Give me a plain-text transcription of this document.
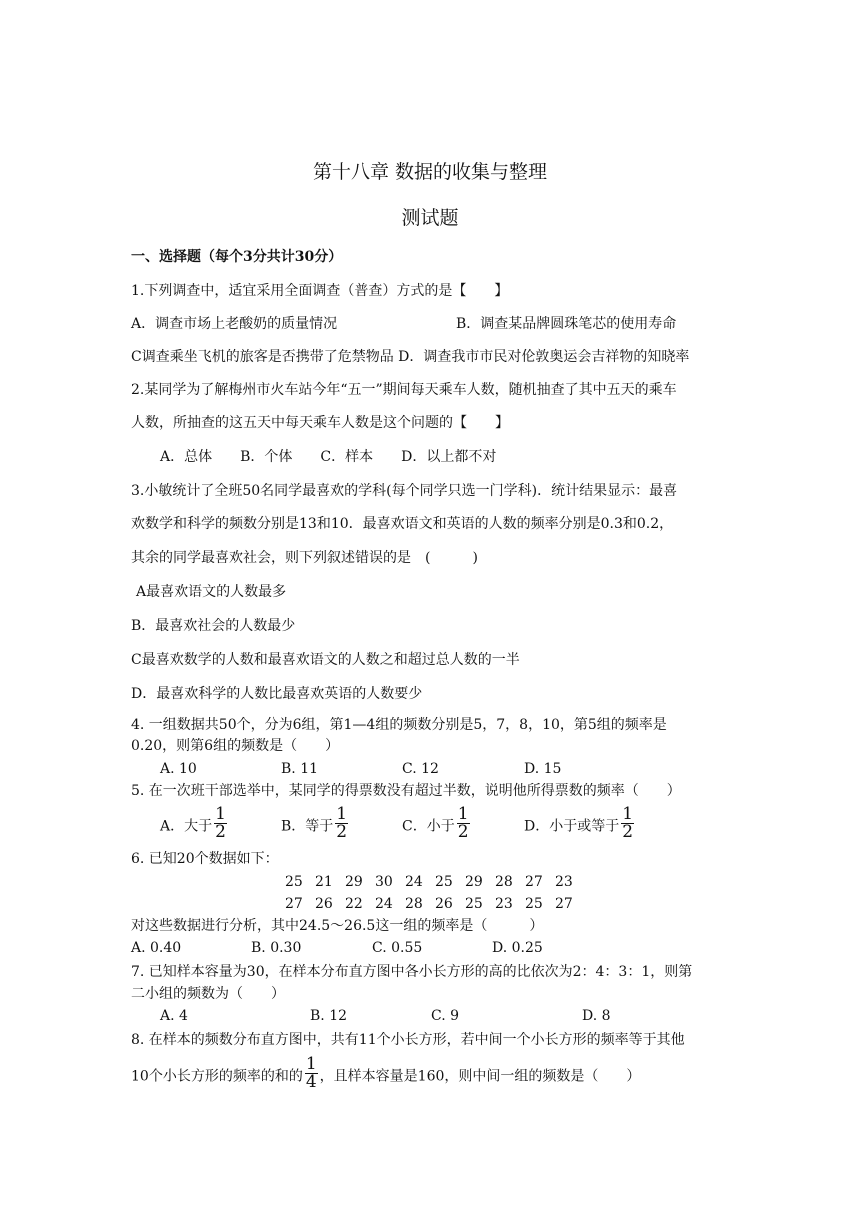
第十八章 数据的收集与整理
测试题
一、选择题（每个3分共计30分）
1.下列调查中，适宜采用全面调查（普查）方式的是【　　】
A．调查市场上老酸奶的质量情况	B．调查某品牌圆珠笔芯的使用寿命
C调查乘坐飞机的旅客是否携带了危禁物品 D．调查我市市民对伦敦奥运会吉祥物的知晓率
2.某同学为了解梅州市火车站今年“五一”期间每天乘车人数，随机抽查了其中五天的乘车
人数，所抽查的这五天中每天乘车人数是这个问题的【　　】
A．总体　　B．个体　　C．样本　　D．以上都不对
3.小敏统计了全班50名同学最喜欢的学科(每个同学只选一门学科)．统计结果显示：最喜
欢数学和科学的频数分别是13和10．最喜欢语文和英语的人数的频率分别是0.3和0.2，
其余的同学最喜欢社会，则下列叙述错误的是　(　　　)
A最喜欢语文的人数最多
B．最喜欢社会的人数最少
C最喜欢数学的人数和最喜欢语文的人数之和超过总人数的一半
D．最喜欢科学的人数比最喜欢英语的人数要少
4. 一组数据共50个，分为6组，第1—4组的频数分别是5，7，8，10，第5组的频率是
0.20，则第6组的频数是（　　）
A. 10	B. 11	C. 12	D. 15
5. 在一次班干部选举中，某同学的得票数没有超过半数，说明他所得票数的频率（　　）
A．大于 $\frac{1}{2}$	B．等于 $\frac{1}{2}$	C．小于 $\frac{1}{2}$	D．小于或等于 $\frac{1}{2}$
6. 已知20个数据如下：
25 21 29 30 24 25 29 28 27 23
27 26 22 24 28 26 25 23 25 27
对这些数据进行分析，其中24.5～26.5这一组的频率是（　　　）
A. 0.40	B. 0.30	C. 0.55	D. 0.25
7. 已知样本容量为30，在样本分布直方图中各小长方形的高的比依次为2：4：3：1，则第
二小组的频数为（　　）
A. 4	B. 12	C. 9	D. 8
8. 在样本的频数分布直方图中，共有11个小长方形，若中间一个小长方形的频率等于其他
10个小长方形的频率的和的 $\frac{1}{4}$ ，且样本容量是160，则中间一组的频数是（　　）
